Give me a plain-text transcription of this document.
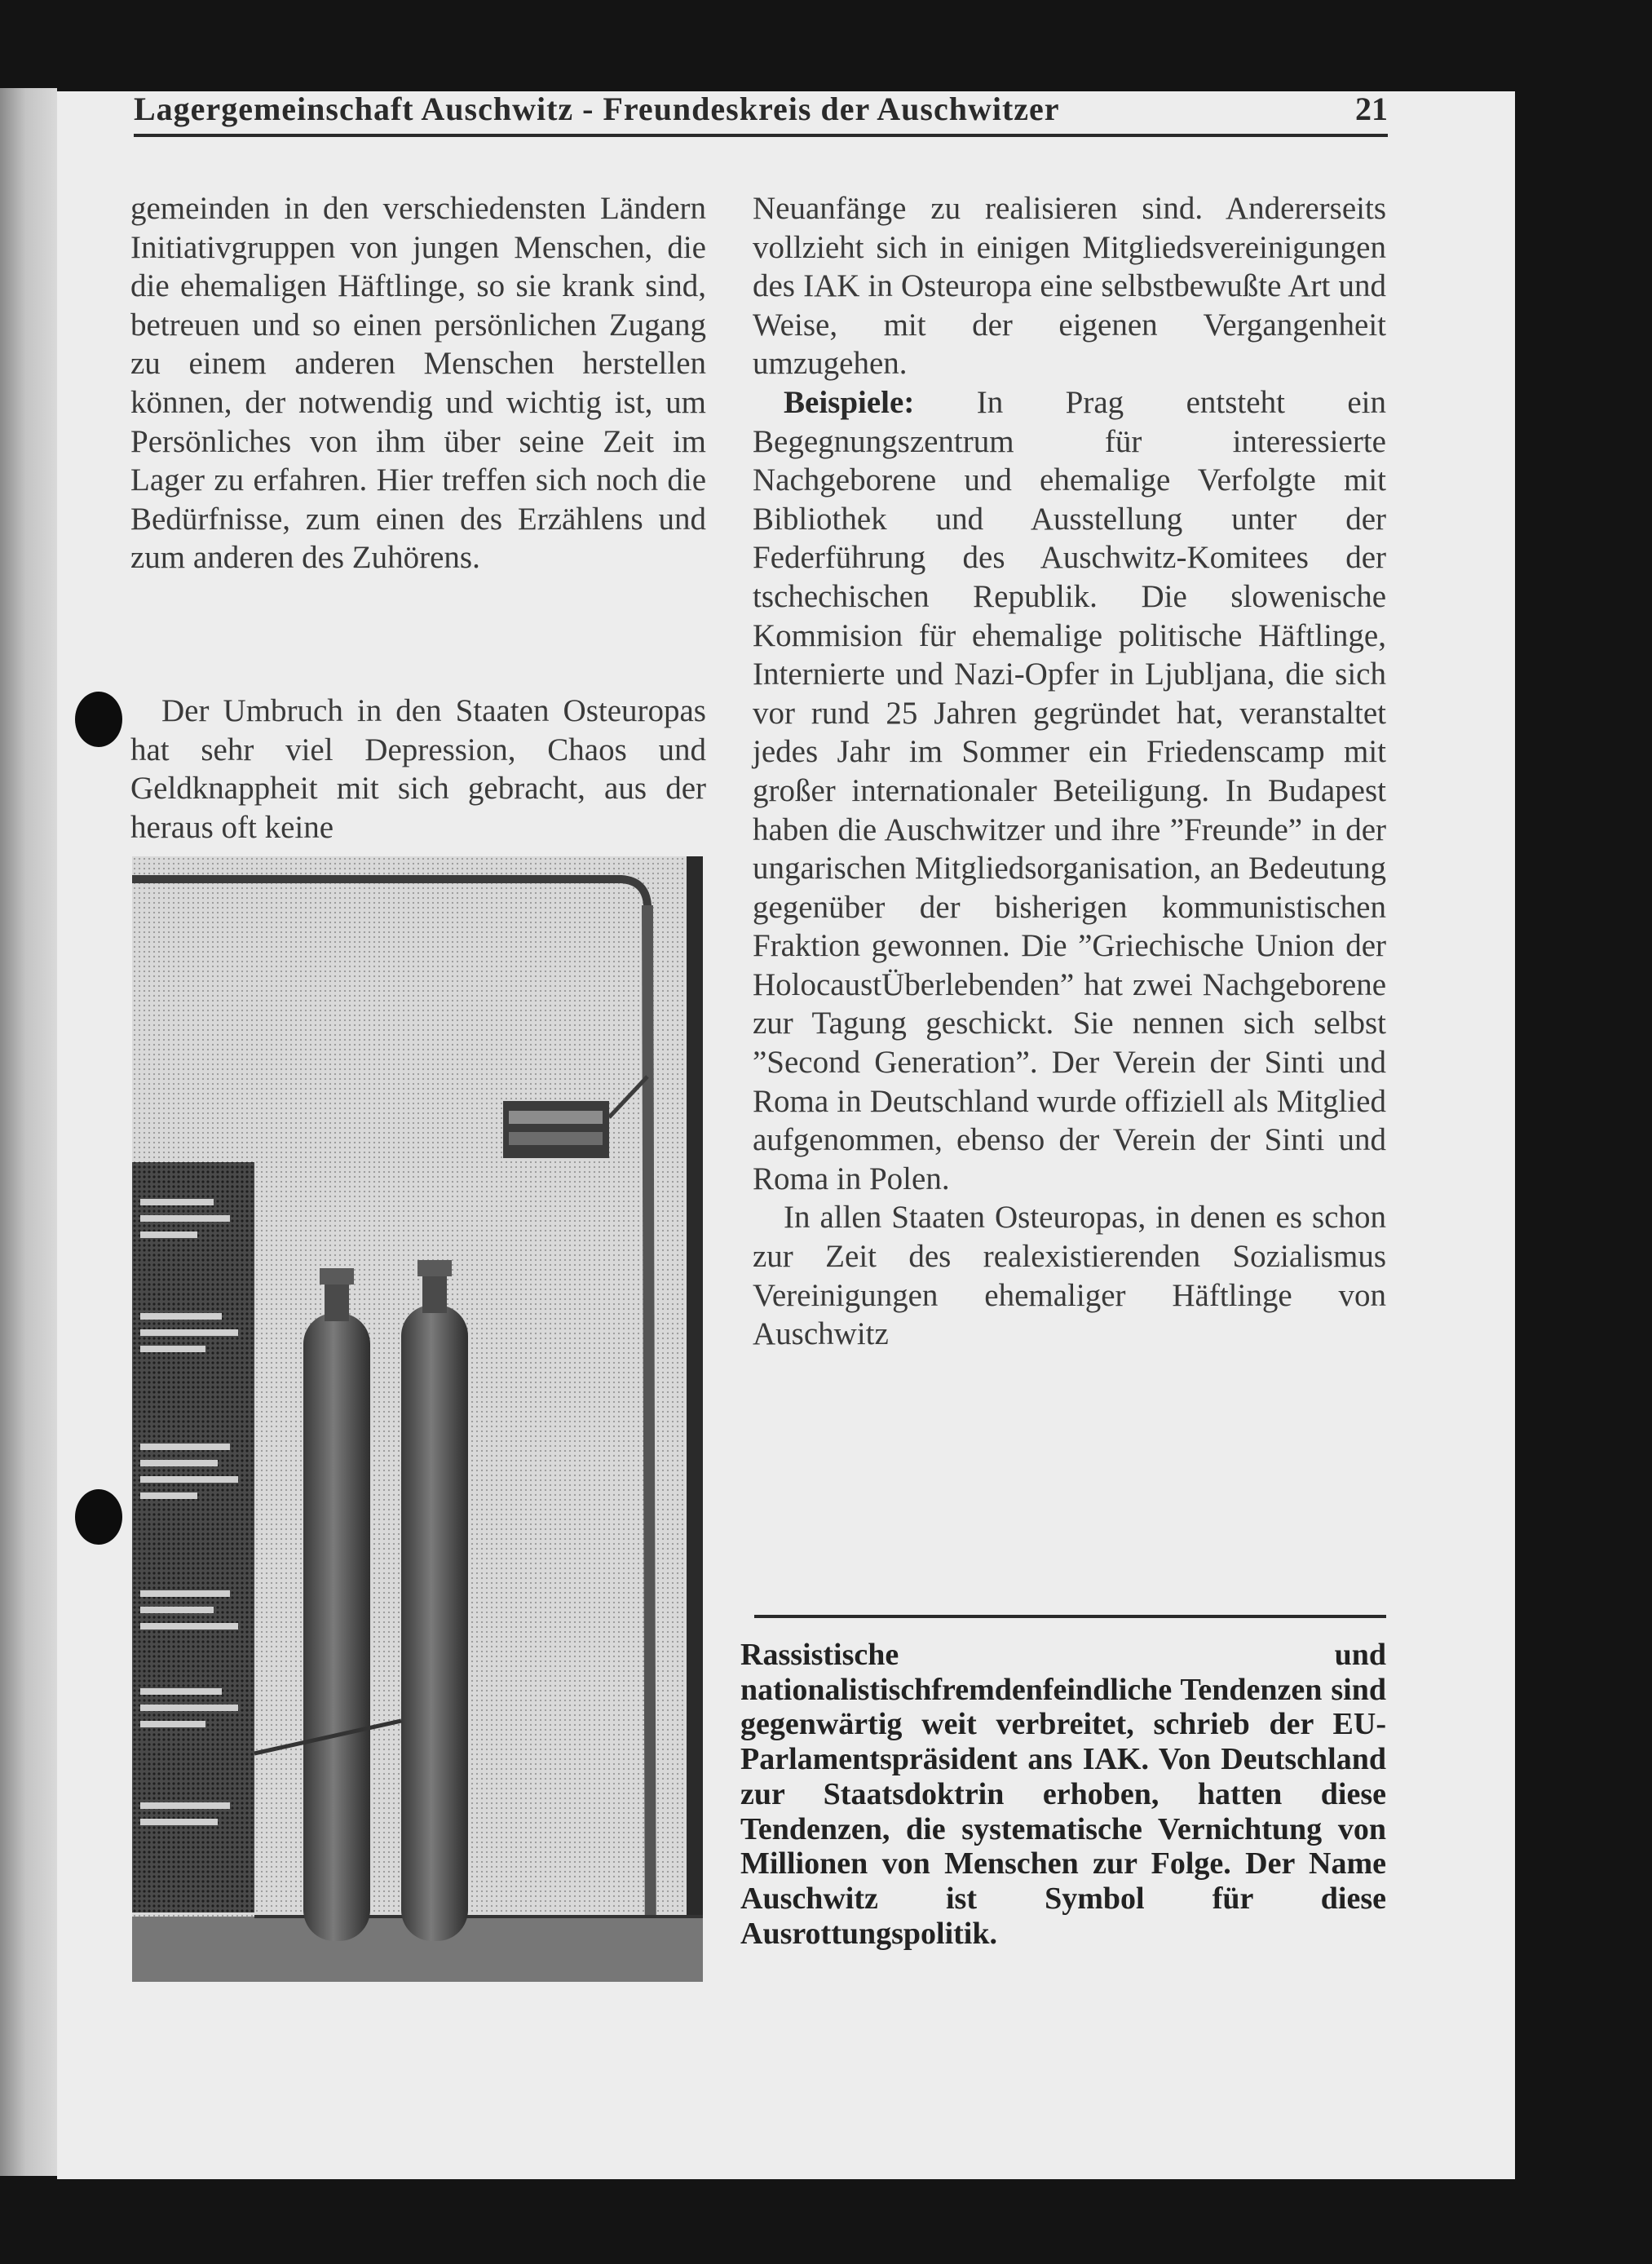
Lagergemeinschaft Auschwitz - Freundeskreis der Auschwitzer	21

gemeinden in den verschiedensten Ländern Initiativgruppen von jungen Menschen, die die ehemaligen Häftlinge, so sie krank sind, betreuen und so einen persönlichen Zugang zu einem anderen Menschen herstellen können, der notwendig und wichtig ist, um Persönliches von ihm über seine Zeit im Lager zu erfahren. Hier treffen sich noch die Bedürfnisse, zum einen des Erzählens und zum anderen des Zuhörens.

Der Umbruch in den Staaten Osteuropas hat sehr viel Depression, Chaos und Geldknappheit mit sich gebracht, aus der heraus oft keine

Neuanfänge zu realisieren sind. Andererseits vollzieht sich in einigen Mitgliedsvereinigungen des IAK in Osteuropa eine selbstbewußte Art und Weise, mit der eigenen Vergangenheit umzugehen.

Beispiele: In Prag entsteht ein Begegnungszentrum für interessierte Nachgeborene und ehemalige Verfolgte mit Bibliothek und Ausstellung unter der Federführung des Auschwitz-Komitees der tschechischen Republik. Die slowenische Kommision für ehemalige politische Häftlinge, Internierte und Nazi-Opfer in Ljubljana, die sich vor rund 25 Jahren gegründet hat, veranstaltet jedes Jahr im Sommer ein Friedenscamp mit großer internationaler Beteiligung. In Budapest haben die Auschwitzer und ihre ”Freunde” in der ungarischen Mitgliedsorganisation, an Bedeutung gegenüber der bisherigen kommunistischen Fraktion gewonnen. Die ”Griechische Union der HolocaustÜberlebenden” hat zwei Nachgeborene zur Tagung geschickt. Sie nennen sich selbst ”Second Generation”. Der Verein der Sinti und Roma in Deutschland wurde offiziell als Mitglied aufgenommen, ebenso der Verein der Sinti und Roma in Polen.

In allen Staaten Osteuropas, in denen es schon zur Zeit des realexistierenden Sozialismus Vereinigungen ehemaliger Häftlinge von Auschwitz

Rassistische und nationalistischfremdenfeindliche Tendenzen sind gegenwärtig weit verbreitet, schrieb der EU-Parlamentspräsident ans IAK. Von Deutschland zur Staatsdoktrin erhoben, hatten diese Tendenzen, die systematische Vernichtung von Millionen von Menschen zur Folge. Der Name Auschwitz ist Symbol für diese Ausrottungspolitik.
